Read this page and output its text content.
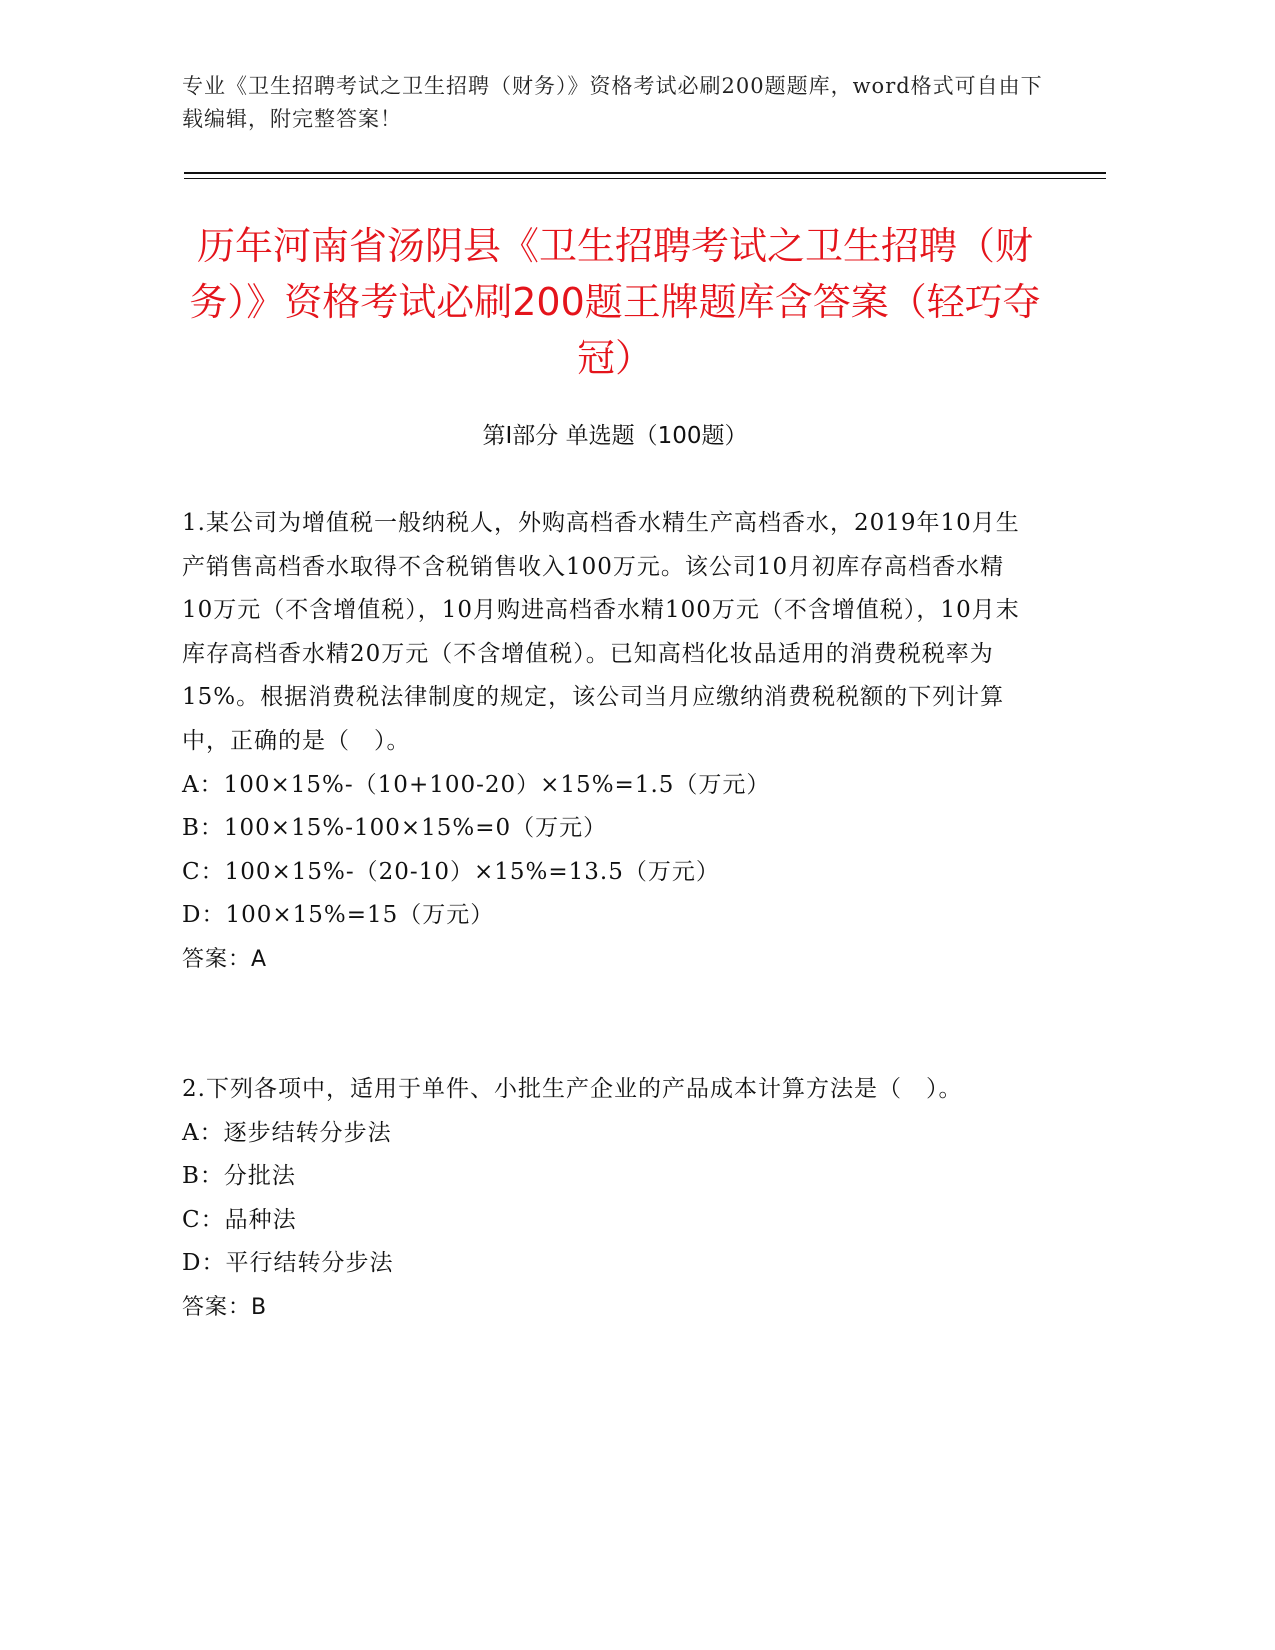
专业《卫生招聘考试之卫生招聘（财务）》资格考试必刷200题题库，word格式可自由下载编辑，附完整答案！
历年河南省汤阴县《卫生招聘考试之卫生招聘（财务）》资格考试必刷200题王牌题库含答案（轻巧夺冠）
第Ⅰ部分 单选题（100题）

1.某公司为增值税一般纳税人，外购高档香水精生产高档香水，2019年10月生产销售高档香水取得不含税销售收入100万元。该公司10月初库存高档香水精10万元（不含增值税），10月购进高档香水精100万元（不含增值税），10月末库存高档香水精20万元（不含增值税）。已知高档化妆品适用的消费税税率为15%。根据消费税法律制度的规定，该公司当月应缴纳消费税税额的下列计算中，正确的是（　）。

A：100×15%-（10+100-20）×15%=1.5（万元）

B：100×15%-100×15%=0（万元）

C：100×15%-（20-10）×15%=13.5（万元）

D：100×15%=15（万元）

答案：A

2.下列各项中，适用于单件、小批生产企业的产品成本计算方法是（　）。

A：逐步结转分步法

B：分批法

C：品种法

D：平行结转分步法

答案：B
